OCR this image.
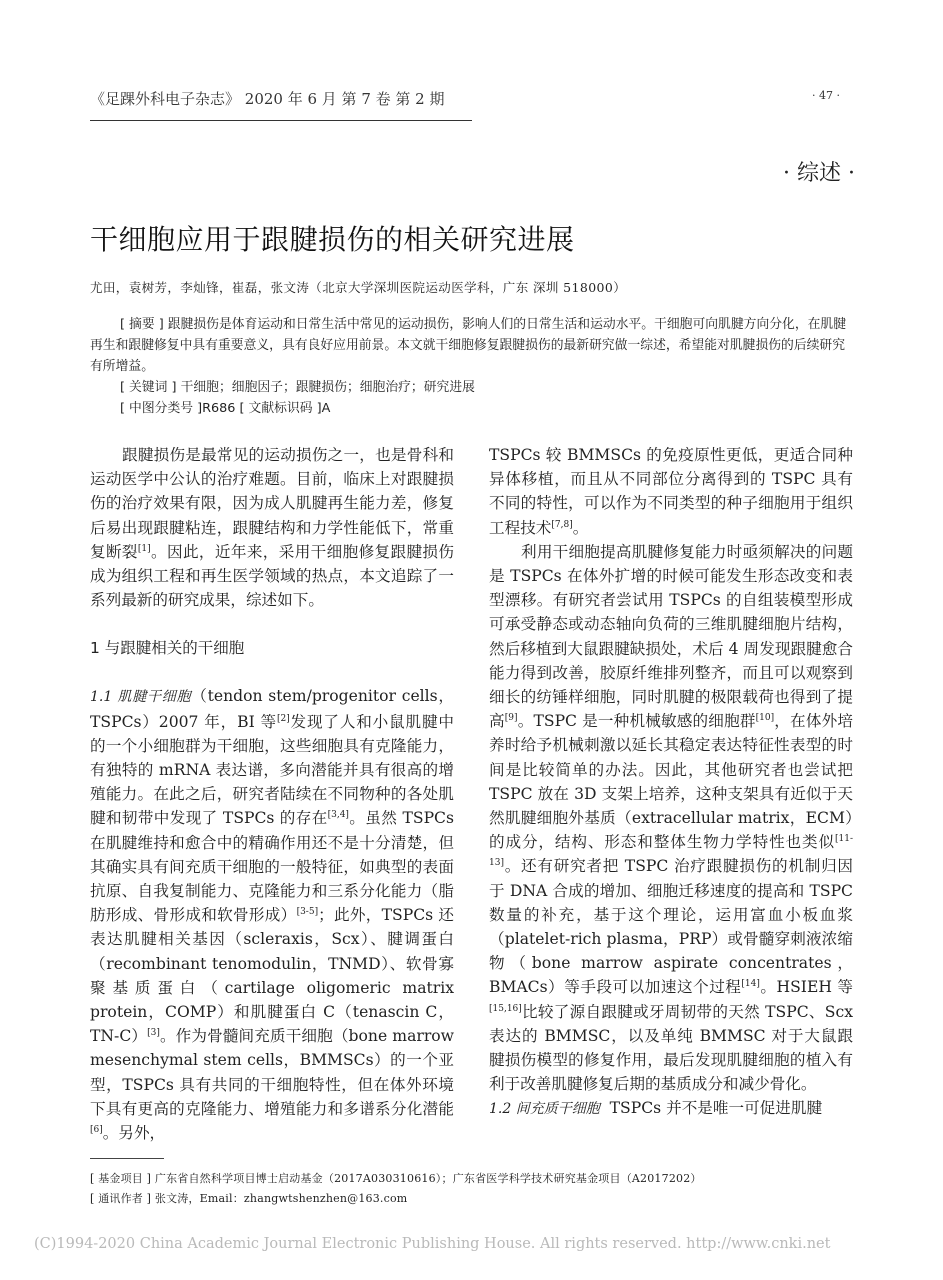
《足踝外科电子杂志》 2020 年 6 月 第 7 卷 第 2 期	· 47 ·
· 综述 ·
干细胞应用于跟腱损伤的相关研究进展
尤田，袁树芳，李灿锋，崔磊，张文涛（北京大学深圳医院运动医学科，广东 深圳 518000）

[ 摘要 ] 跟腱损伤是体育运动和日常生活中常见的运动损伤，影响人们的日常生活和运动水平。干细胞可向肌腱方向分化，在肌腱再生和跟腱修复中具有重要意义，具有良好应用前景。本文就干细胞修复跟腱损伤的最新研究做一综述，希望能对肌腱损伤的后续研究有所增益。

[ 关键词 ] 干细胞；细胞因子；跟腱损伤；细胞治疗；研究进展

[ 中图分类号 ]R686 [ 文献标识码 ]A

跟腱损伤是最常见的运动损伤之一，也是骨科和运动医学中公认的治疗难题。目前，临床上对跟腱损伤的治疗效果有限，因为成人肌腱再生能力差，修复后易出现跟腱粘连，跟腱结构和力学性能低下，常重复断裂[1]。因此，近年来，采用干细胞修复跟腱损伤成为组织工程和再生医学领域的热点，本文追踪了一系列最新的研究成果，综述如下。

1 与跟腱相关的干细胞

1.1 肌腱干细胞（tendon stem/progenitor cells，TSPCs）2007 年，BI 等[2]发现了人和小鼠肌腱中的一个小细胞群为干细胞，这些细胞具有克隆能力，有独特的 mRNA 表达谱，多向潜能并具有很高的增殖能力。在此之后，研究者陆续在不同物种的各处肌腱和韧带中发现了 TSPCs 的存在[3,4]。虽然 TSPCs 在肌腱维持和愈合中的精确作用还不是十分清楚，但其确实具有间充质干细胞的一般特征，如典型的表面抗原、自我复制能力、克隆能力和三系分化能力（脂肪形成、骨形成和软骨形成）[3-5]；此外，TSPCs 还表达肌腱相关基因（scleraxis，Scx）、腱调蛋白（recombinant tenomodulin，TNMD）、软骨寡聚基质蛋白（cartilage oligomeric matrix protein，COMP）和肌腱蛋白 C（tenascin C，TN-C）[3]。作为骨髓间充质干细胞（bone marrow mesenchymal stem cells，BMMSCs）的一个亚型，TSPCs 具有共同的干细胞特性，但在体外环境下具有更高的克隆能力、增殖能力和多谱系分化潜能[6]。另外，

TSPCs 较 BMMSCs 的免疫原性更低，更适合同种异体移植，而且从不同部位分离得到的 TSPC 具有不同的特性，可以作为不同类型的种子细胞用于组织工程技术[7,8]。

利用干细胞提高肌腱修复能力时亟须解决的问题是 TSPCs 在体外扩增的时候可能发生形态改变和表型漂移。有研究者尝试用 TSPCs 的自组装模型形成可承受静态或动态轴向负荷的三维肌腱细胞片结构，然后移植到大鼠跟腱缺损处，术后 4 周发现跟腱愈合能力得到改善，胶原纤维排列整齐，而且可以观察到细长的纺锤样细胞，同时肌腱的极限载荷也得到了提高[9]。TSPC 是一种机械敏感的细胞群[10]，在体外培养时给予机械刺激以延长其稳定表达特征性表型的时间是比较简单的办法。因此，其他研究者也尝试把 TSPC 放在 3D 支架上培养，这种支架具有近似于天然肌腱细胞外基质（extracellular matrix，ECM）的成分，结构、形态和整体生物力学特性也类似[11-13]。还有研究者把 TSPC 治疗跟腱损伤的机制归因于 DNA 合成的增加、细胞迁移速度的提高和 TSPC 数量的补充，基于这个理论，运用富血小板血浆（platelet-rich plasma，PRP）或骨髓穿刺液浓缩物（bone marrow aspirate concentrates，BMACs）等手段可以加速这个过程[14]。HSIEH 等[15,16]比较了源自跟腱或牙周韧带的天然 TSPC、Scx 表达的 BMMSC，以及单纯 BMMSC 对于大鼠跟腱损伤模型的修复作用，最后发现肌腱细胞的植入有利于改善肌腱修复后期的基质成分和减少骨化。

1.2 间充质干细胞 TSPCs 并不是唯一可促进肌腱

[ 基金项目 ] 广东省自然科学项目博士启动基金（2017A030310616）；广东省医学科学技术研究基金项目（A2017202）
[ 通讯作者 ] 张文涛，Email：zhangwtshenzhen@163.com
(C)1994-2020 China Academic Journal Electronic Publishing House. All rights reserved. http://www.cnki.net
